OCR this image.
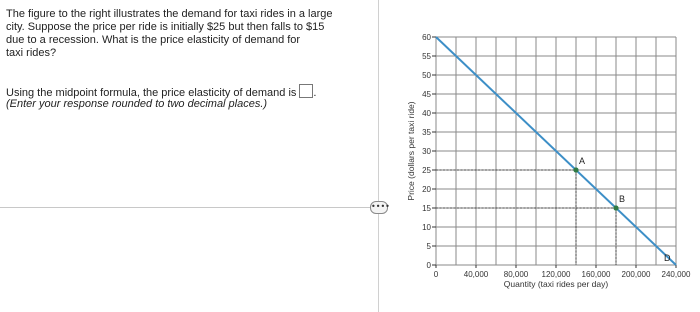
The figure to the right illustrates the demand for taxi rides in a large

city. Suppose the price per ride is initially $25 but then falls to $15

due to a recession. What is the price elasticity of demand for

taxi rides?

Using the midpoint formula, the price elasticity of demand is .
(Enter your response rounded to two decimal places.)
••••
0
5
10
15
20
25
30
35
40
45
50
55
60
0	40,000 80,000 120,000 160,000 200,000 240,000
Quantity (taxi rides per day)
Price (dollars per taxi ride)
D
A
B
